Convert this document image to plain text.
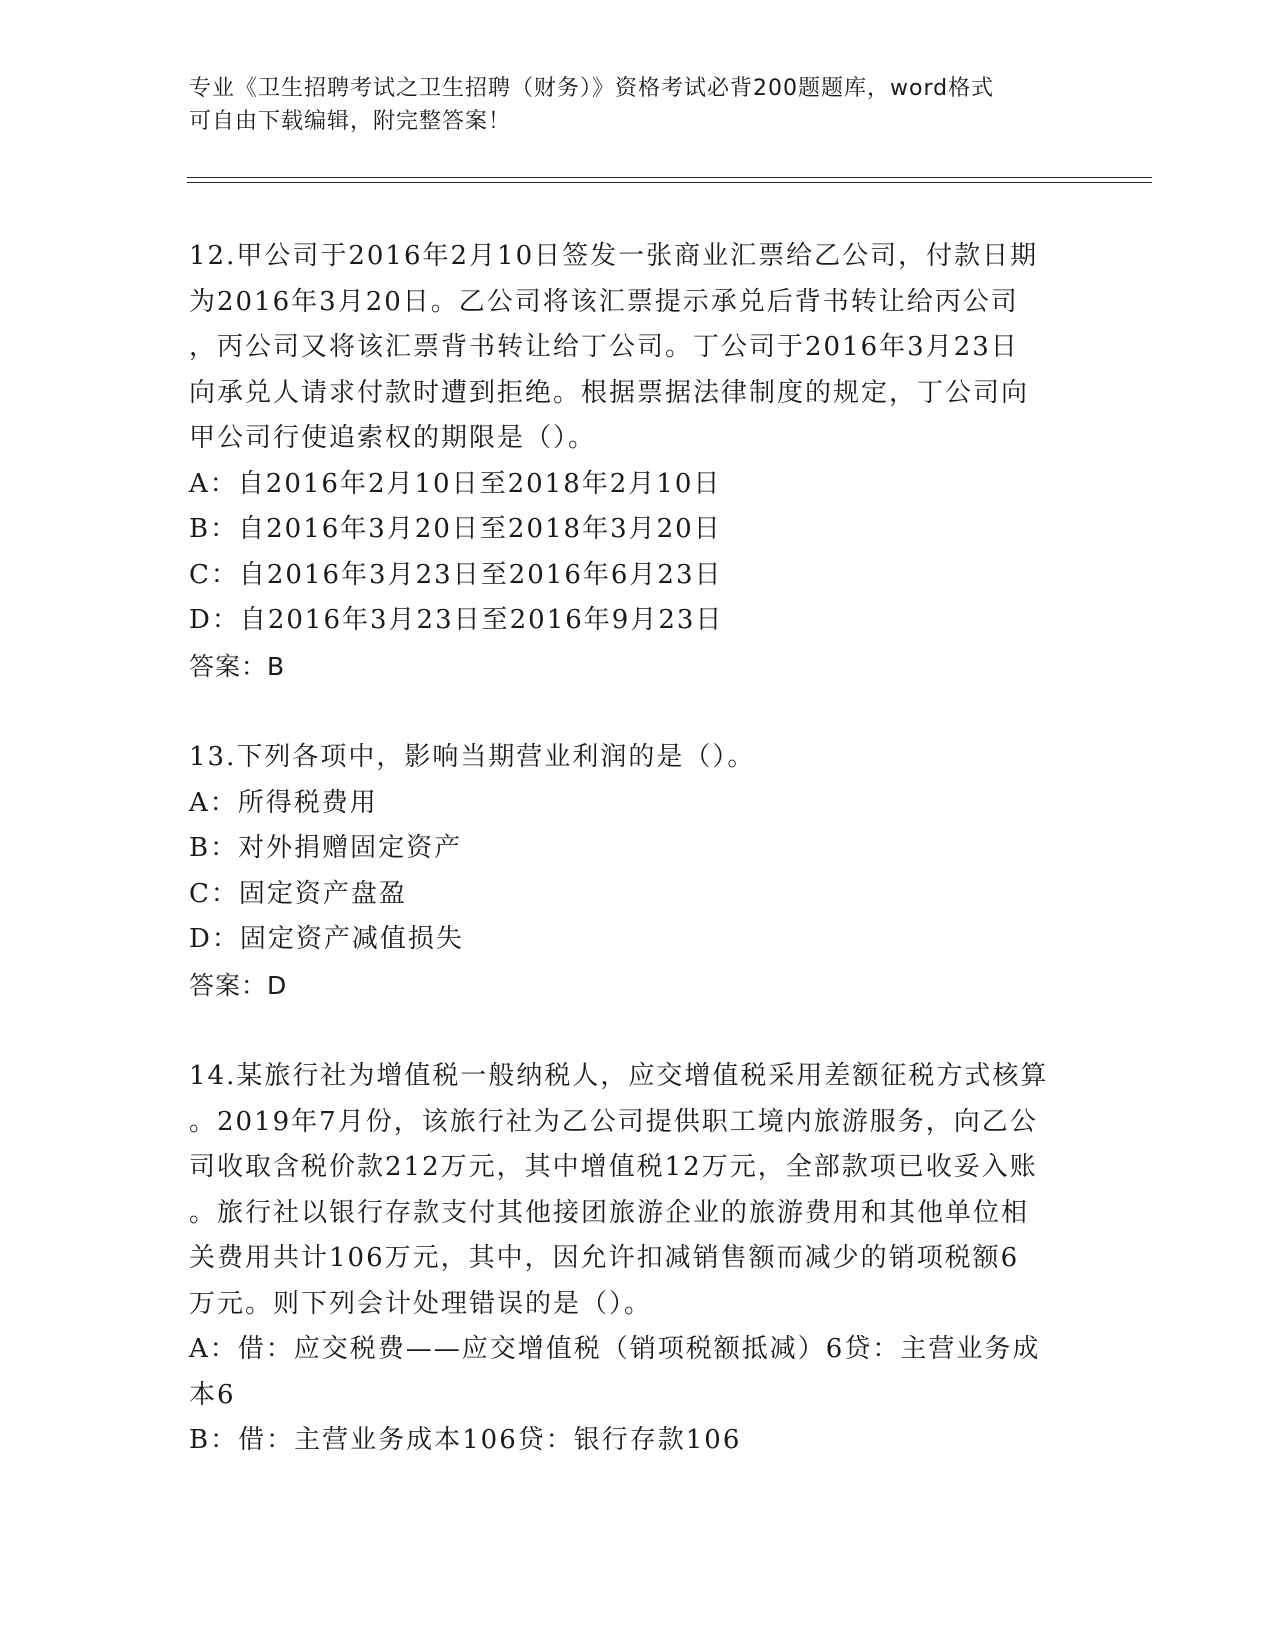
专业《卫生招聘考试之卫生招聘（财务）》资格考试必背200题题库，word格式
可自由下载编辑，附完整答案！

12.甲公司于2016年2月10日签发一张商业汇票给乙公司，付款日期

为2016年3月20日。乙公司将该汇票提示承兑后背书转让给丙公司

，丙公司又将该汇票背书转让给丁公司。丁公司于2016年3月23日

向承兑人请求付款时遭到拒绝。根据票据法律制度的规定，丁公司向

甲公司行使追索权的期限是（）。

A：自2016年2月10日至2018年2月10日

B：自2016年3月20日至2018年3月20日

C：自2016年3月23日至2016年6月23日

D：自2016年3月23日至2016年9月23日

答案：B

13.下列各项中，影响当期营业利润的是（）。

A：所得税费用

B：对外捐赠固定资产

C：固定资产盘盈

D：固定资产减值损失

答案：D

14.某旅行社为增值税一般纳税人，应交增值税采用差额征税方式核算

。2019年7月份，该旅行社为乙公司提供职工境内旅游服务，向乙公

司收取含税价款212万元，其中增值税12万元，全部款项已收妥入账

。旅行社以银行存款支付其他接团旅游企业的旅游费用和其他单位相

关费用共计106万元，其中，因允许扣减销售额而减少的销项税额6

万元。则下列会计处理错误的是（）。

A：借：应交税费——应交增值税（销项税额抵减）6贷：主营业务成

本6

B：借：主营业务成本106贷：银行存款106
